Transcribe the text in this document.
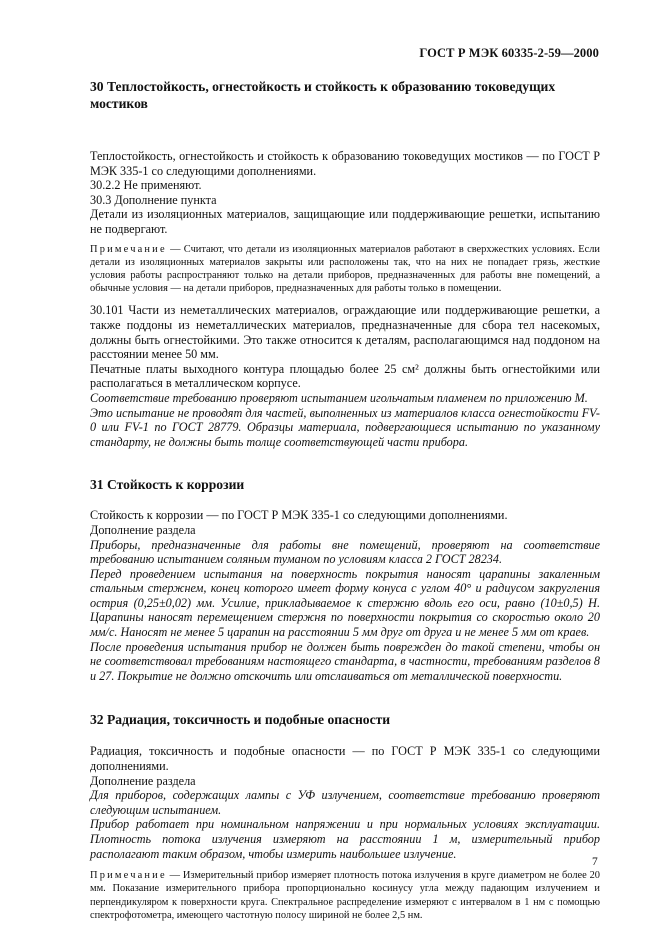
ГОСТ Р МЭК 60335-2-59—2000
30 Теплостойкость, огнестойкость и стойкость к образованию токоведущих мостиков

Теплостойкость, огнестойкость и стойкость к образованию токоведущих мостиков — по ГОСТ Р МЭК 335-1 со следующими дополнениями.

30.2.2 Не применяют.

30.3 Дополнение пункта

Детали из изоляционных материалов, защищающие или поддерживающие решетки, испытанию не подвергают.

Примечание — Считают, что детали из изоляционных материалов работают в сверхжестких условиях. Если детали из изоляционных материалов закрыты или расположены так, что на них не попадает грязь, жесткие условия работы распространяют только на детали приборов, предназначенных для работы вне помещений, а обычные условия — на детали приборов, предназначенных для работы только в помещении.

30.101 Части из неметаллических материалов, ограждающие или поддерживающие решетки, а также поддоны из неметаллических материалов, предназначенные для сбора тел насекомых, должны быть огнестойкими. Это также относится к деталям, располагающимся над поддоном на расстоянии менее 50 мм.

Печатные платы выходного контура площадью более 25 см² должны быть огнестойкими или располагаться в металлическом корпусе.

Соответствие требованию проверяют испытанием игольчатым пламенем по приложению М.

Это испытание не проводят для частей, выполненных из материалов класса огнестойкости FV-0 или FV-1 по ГОСТ 28779. Образцы материала, подвергающиеся испытанию по указанному стандарту, не должны быть толще соответствующей части прибора.

31 Стойкость к коррозии

Стойкость к коррозии — по ГОСТ Р МЭК 335-1 со следующими дополнениями.

Дополнение раздела

Приборы, предназначенные для работы вне помещений, проверяют на соответствие требованию испытанием соляным туманом по условиям класса 2 ГОСТ 28234.

Перед проведением испытания на поверхность покрытия наносят царапины закаленным стальным стержнем, конец которого имеет форму конуса с углом 40° и радиусом закругления острия (0,25±0,02) мм. Усилие, прикладываемое к стержню вдоль его оси, равно (10±0,5) Н. Царапины наносят перемещением стержня по поверхности покрытия со скоростью около 20 мм/с. Наносят не менее 5 царапин на расстоянии 5 мм друг от друга и не менее 5 мм от краев.

После проведения испытания прибор не должен быть поврежден до такой степени, чтобы он не соответствовал требованиям настоящего стандарта, в частности, требованиям разделов 8 и 27. Покрытие не должно отскочить или отслаиваться от металлической поверхности.

32 Радиация, токсичность и подобные опасности

Радиация, токсичность и подобные опасности — по ГОСТ Р МЭК 335-1 со следующими дополнениями.

Дополнение раздела

Для приборов, содержащих лампы с УФ излучением, соответствие требованию проверяют следующим испытанием.

Прибор работает при номинальном напряжении и при нормальных условиях эксплуатации. Плотность потока излучения измеряют на расстоянии 1 м, измерительный прибор располагают таким образом, чтобы измерить наибольшее излучение.

Примечание — Измерительный прибор измеряет плотность потока излучения в круге диаметром не более 20 мм. Показание измерительного прибора пропорционально косинусу угла между падающим излучением и перпендикуляром к поверхности круга. Спектральное распределение измеряют с интервалом в 1 нм с помощью спектрофотометра, имеющего частотную полосу шириной не более 2,5 нм.

7
